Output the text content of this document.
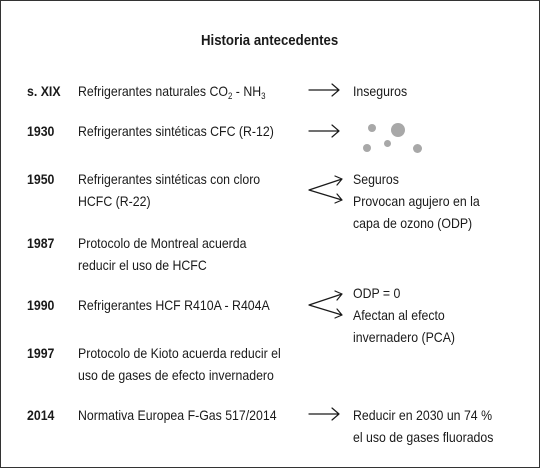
Historia antecedentes
s. XIX Refrigerantes naturales $CO_2 - NH_3$	Inseguros
1930 Refrigerantes sintéticas CFC (R-12)
1950 Refrigerantes sintéticas con cloro
HCFC (R-22)
Seguros
Provocan agujero en la
capa de ozono (ODP)
1987 Protocolo de Montreal acuerda
reducir el uso de HCFC
1990 Refrigerantes HCF R410A - R404A
ODP = 0
Afectan al efecto
invernadero (PCA)
1997 Protocolo de Kioto acuerda reducir el
uso de gases de efecto invernadero
2014 Normativa Europea F-Gas 517/2014	Reducir en 2030 un 74 %
el uso de gases fluorados
